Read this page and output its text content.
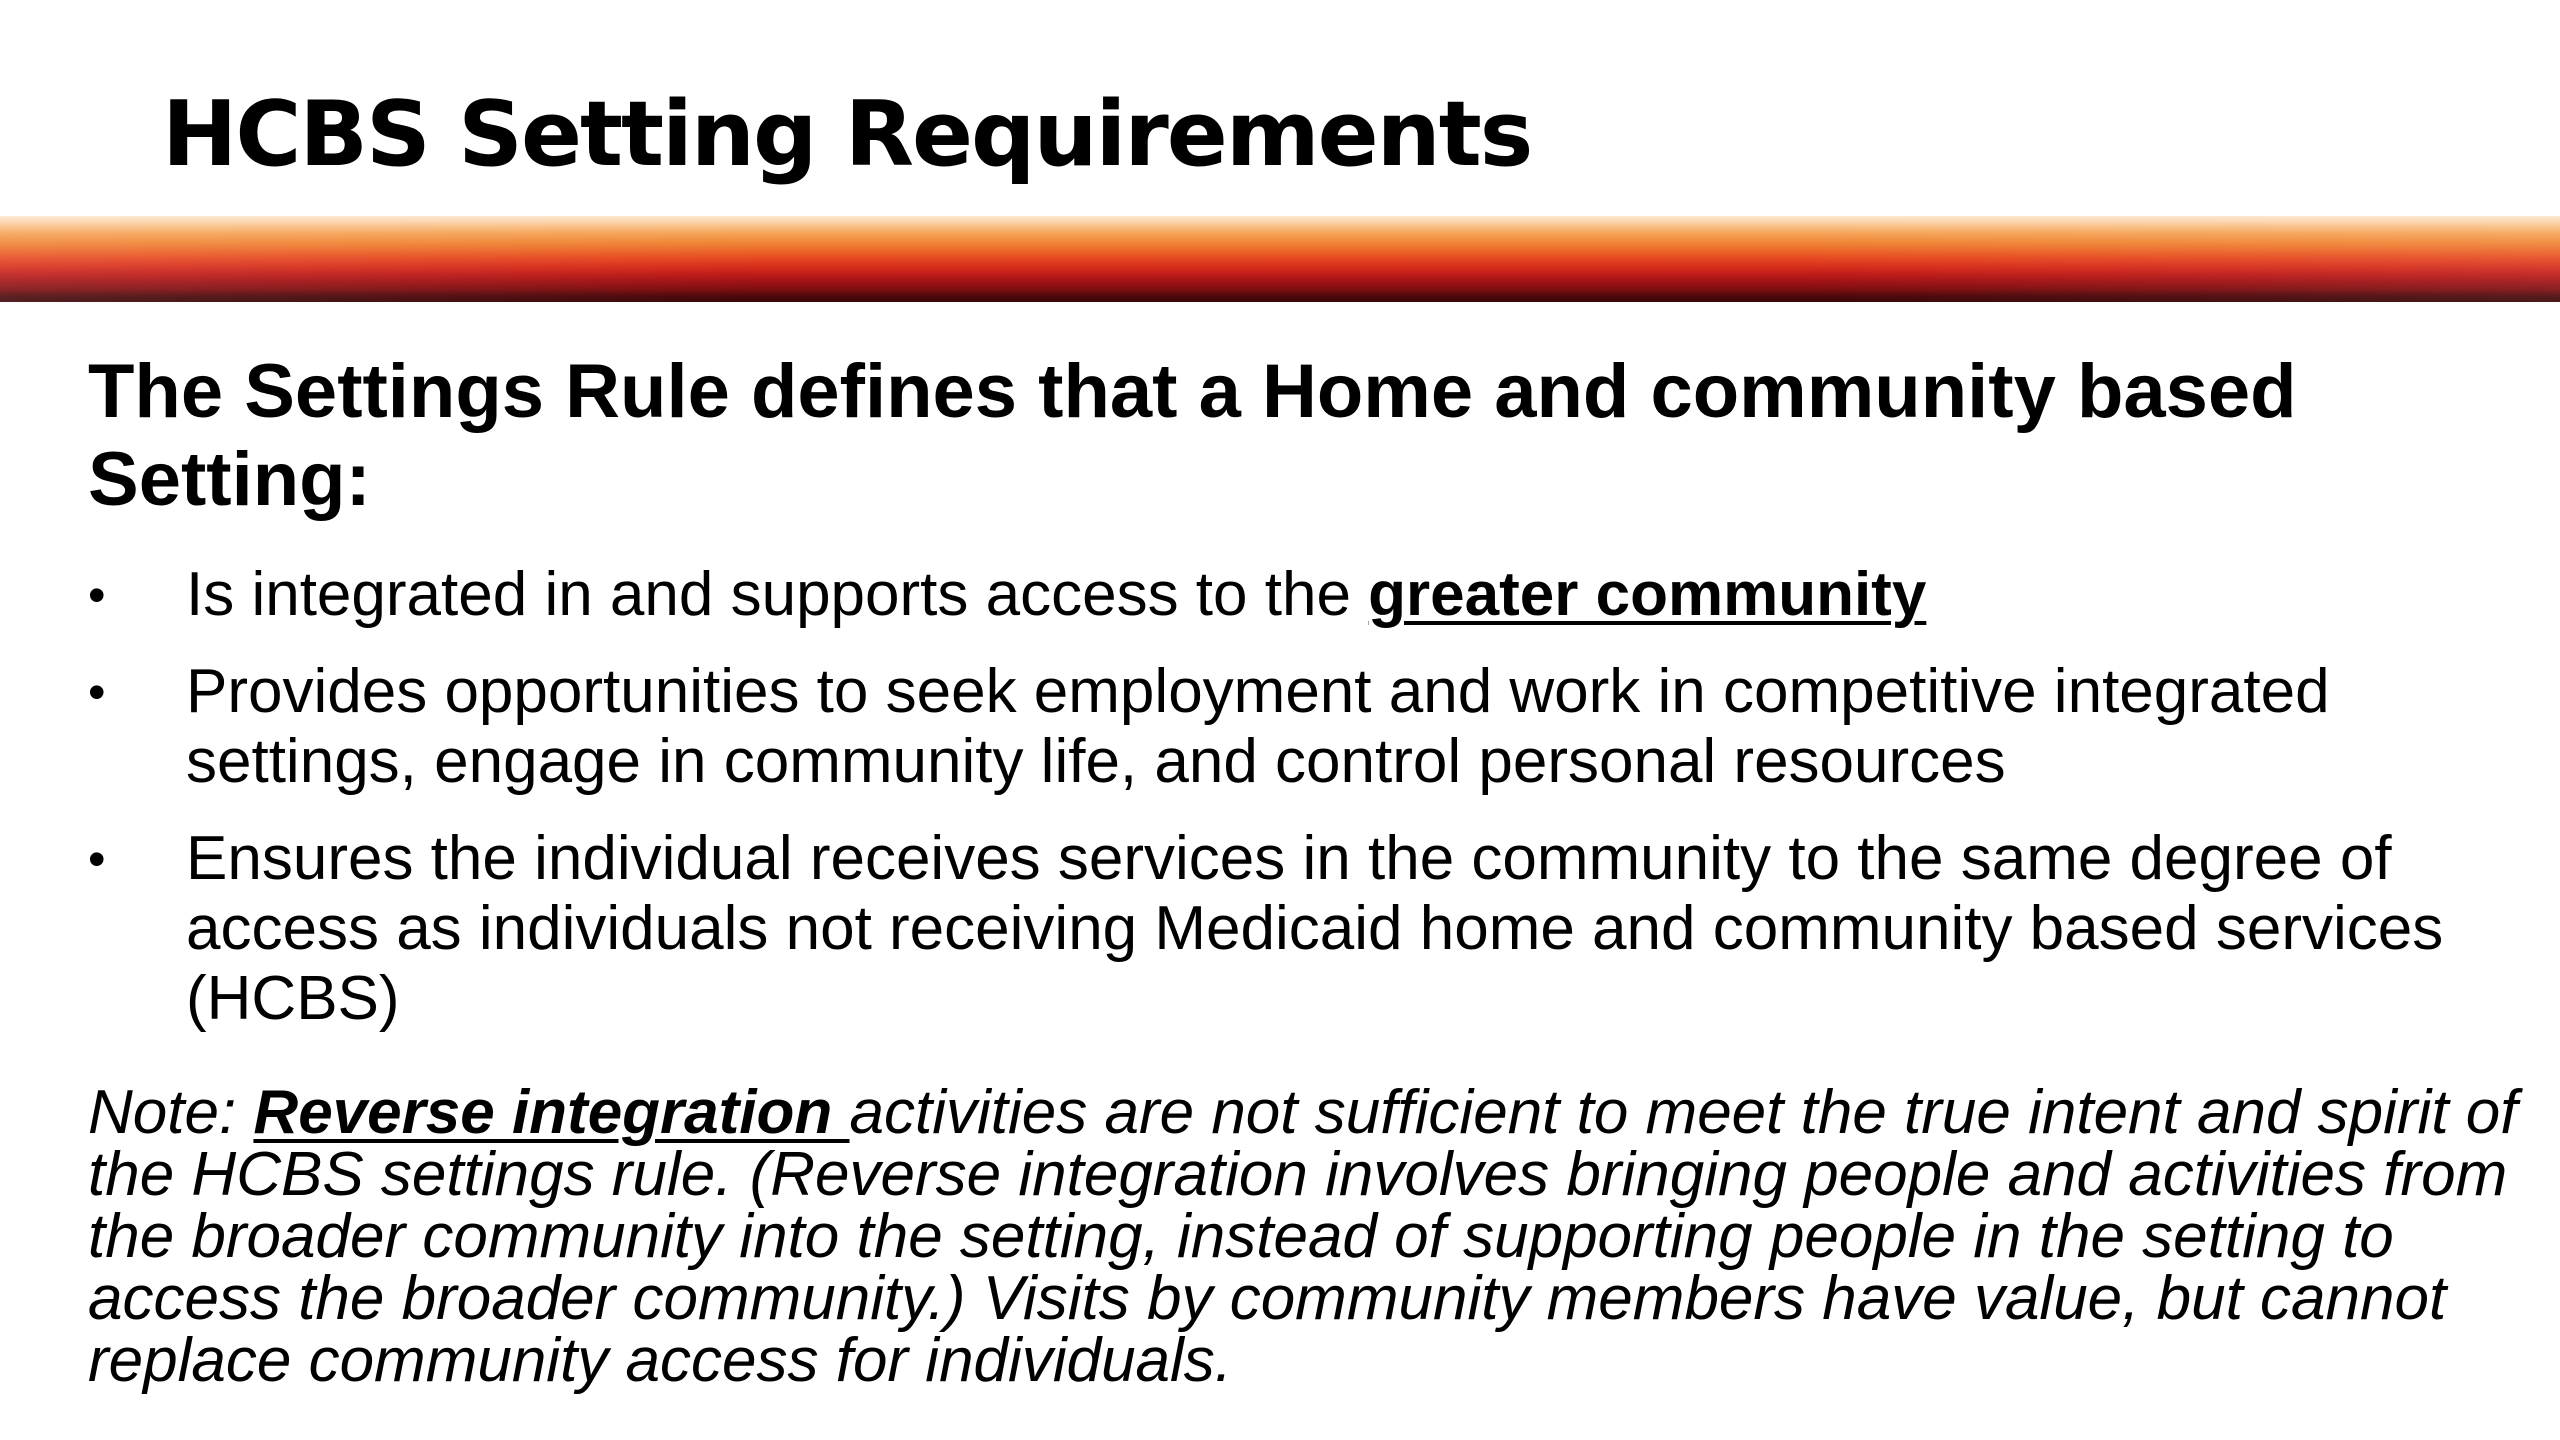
HCBS Setting Requirements
The Settings Rule defines that a Home and community based Setting:
•	Is integrated in and supports access to the greater community
•	Provides opportunities to seek employment and work in competitive integrated settings, engage in community life, and control personal resources
•	Ensures the individual receives services in the community to the same degree of access as individuals not receiving Medicaid home and community based services (HCBS)

Note: Reverse integration activities are not sufficient to meet the true intent and spirit of the HCBS settings rule. (Reverse integration involves bringing people and activities from the broader community into the setting, instead of supporting people in the setting to access the broader community.) Visits by community members have value, but cannot replace community access for individuals.
